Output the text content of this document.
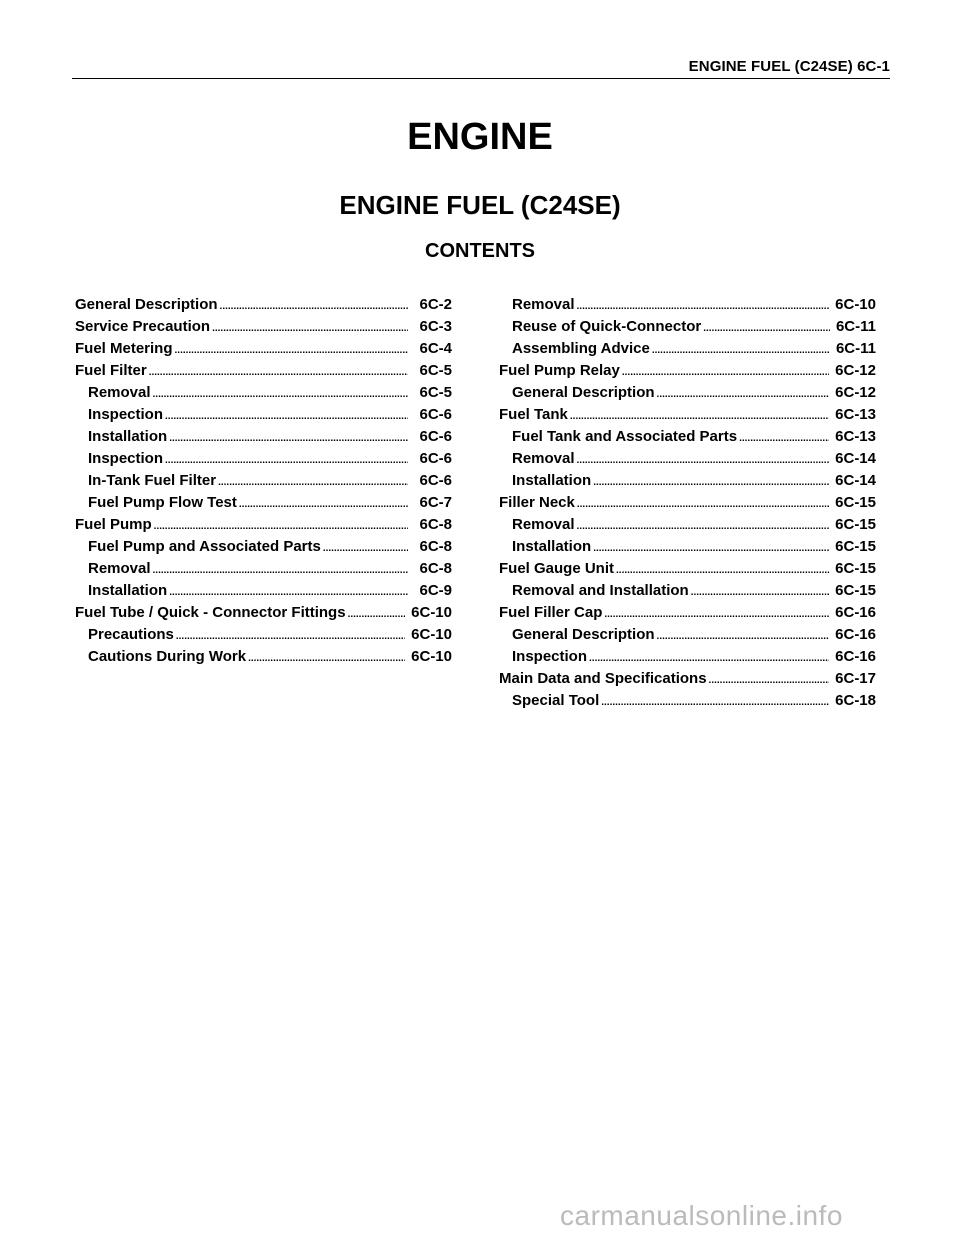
ENGINE FUEL (C24SE) 6C-1
ENGINE
ENGINE FUEL (C24SE)
CONTENTS
General Description .....	6C-2
Service Precaution .....	6C-3
Fuel Metering .....	6C-4
Fuel Filter .....	6C-5
Removal .....	6C-5
Inspection .....	6C-6
Installation .....	6C-6
Inspection .....	6C-6
In-Tank Fuel Filter .....	6C-6
Fuel Pump Flow Test .....	6C-7
Fuel Pump .....	6C-8
Fuel Pump and Associated Parts .....	6C-8
Removal .....	6C-8
Installation .....	6C-9
Fuel Tube / Quick - Connector Fittings .....	6C-10
Precautions .....	6C-10
Cautions During Work .....	6C-10
Removal .....	6C-10
Reuse of Quick-Connector .....	6C-11
Assembling Advice .....	6C-11
Fuel Pump Relay .....	6C-12
General Description .....	6C-12
Fuel Tank .....	6C-13
Fuel Tank and Associated Parts .....	6C-13
Removal .....	6C-14
Installation .....	6C-14
Filler Neck .....	6C-15
Removal .....	6C-15
Installation .....	6C-15
Fuel Gauge Unit .....	6C-15
Removal and Installation .....	6C-15
Fuel Filler Cap .....	6C-16
General Description .....	6C-16
Inspection .....	6C-16
Main Data and Specifications .....	6C-17
Special Tool .....	6C-18
carmanualsonline.info
